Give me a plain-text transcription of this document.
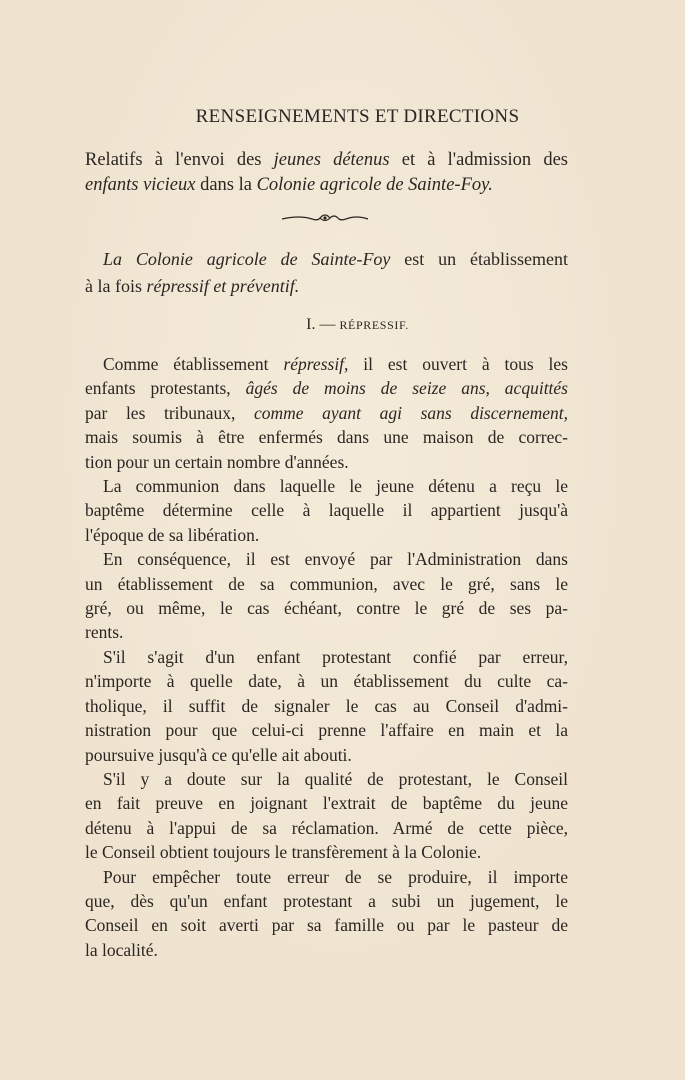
RENSEIGNEMENTS ET DIRECTIONS
Relatifs à l'envoi des jeunes détenus et à l'admission des
enfants vicieux dans la Colonie agricole de Sainte-Foy.
La Colonie agricole de Sainte-Foy est un établissement
à la fois répressif et préventif.
I. — RÉPRESSIF.

Comme établissement répressif, il est ouvert à tous les
enfants protestants, âgés de moins de seize ans, acquittés
par les tribunaux, comme ayant agi sans discernement,
mais soumis à être enfermés dans une maison de correc-
tion pour un certain nombre d'années.

La communion dans laquelle le jeune détenu a reçu le
baptême détermine celle à laquelle il appartient jusqu'à
l'époque de sa libération.

En conséquence, il est envoyé par l'Administration dans
un établissement de sa communion, avec le gré, sans le
gré, ou même, le cas échéant, contre le gré de ses pa-
rents.

S'il s'agit d'un enfant protestant confié par erreur,
n'importe à quelle date, à un établissement du culte ca-
tholique, il suffit de signaler le cas au Conseil d'admi-
nistration pour que celui-ci prenne l'affaire en main et la
poursuive jusqu'à ce qu'elle ait abouti.

S'il y a doute sur la qualité de protestant, le Conseil
en fait preuve en joignant l'extrait de baptême du jeune
détenu à l'appui de sa réclamation. Armé de cette pièce,
le Conseil obtient toujours le transfèrement à la Colonie.

Pour empêcher toute erreur de se produire, il importe
que, dès qu'un enfant protestant a subi un jugement, le
Conseil en soit averti par sa famille ou par le pasteur de
la localité.
